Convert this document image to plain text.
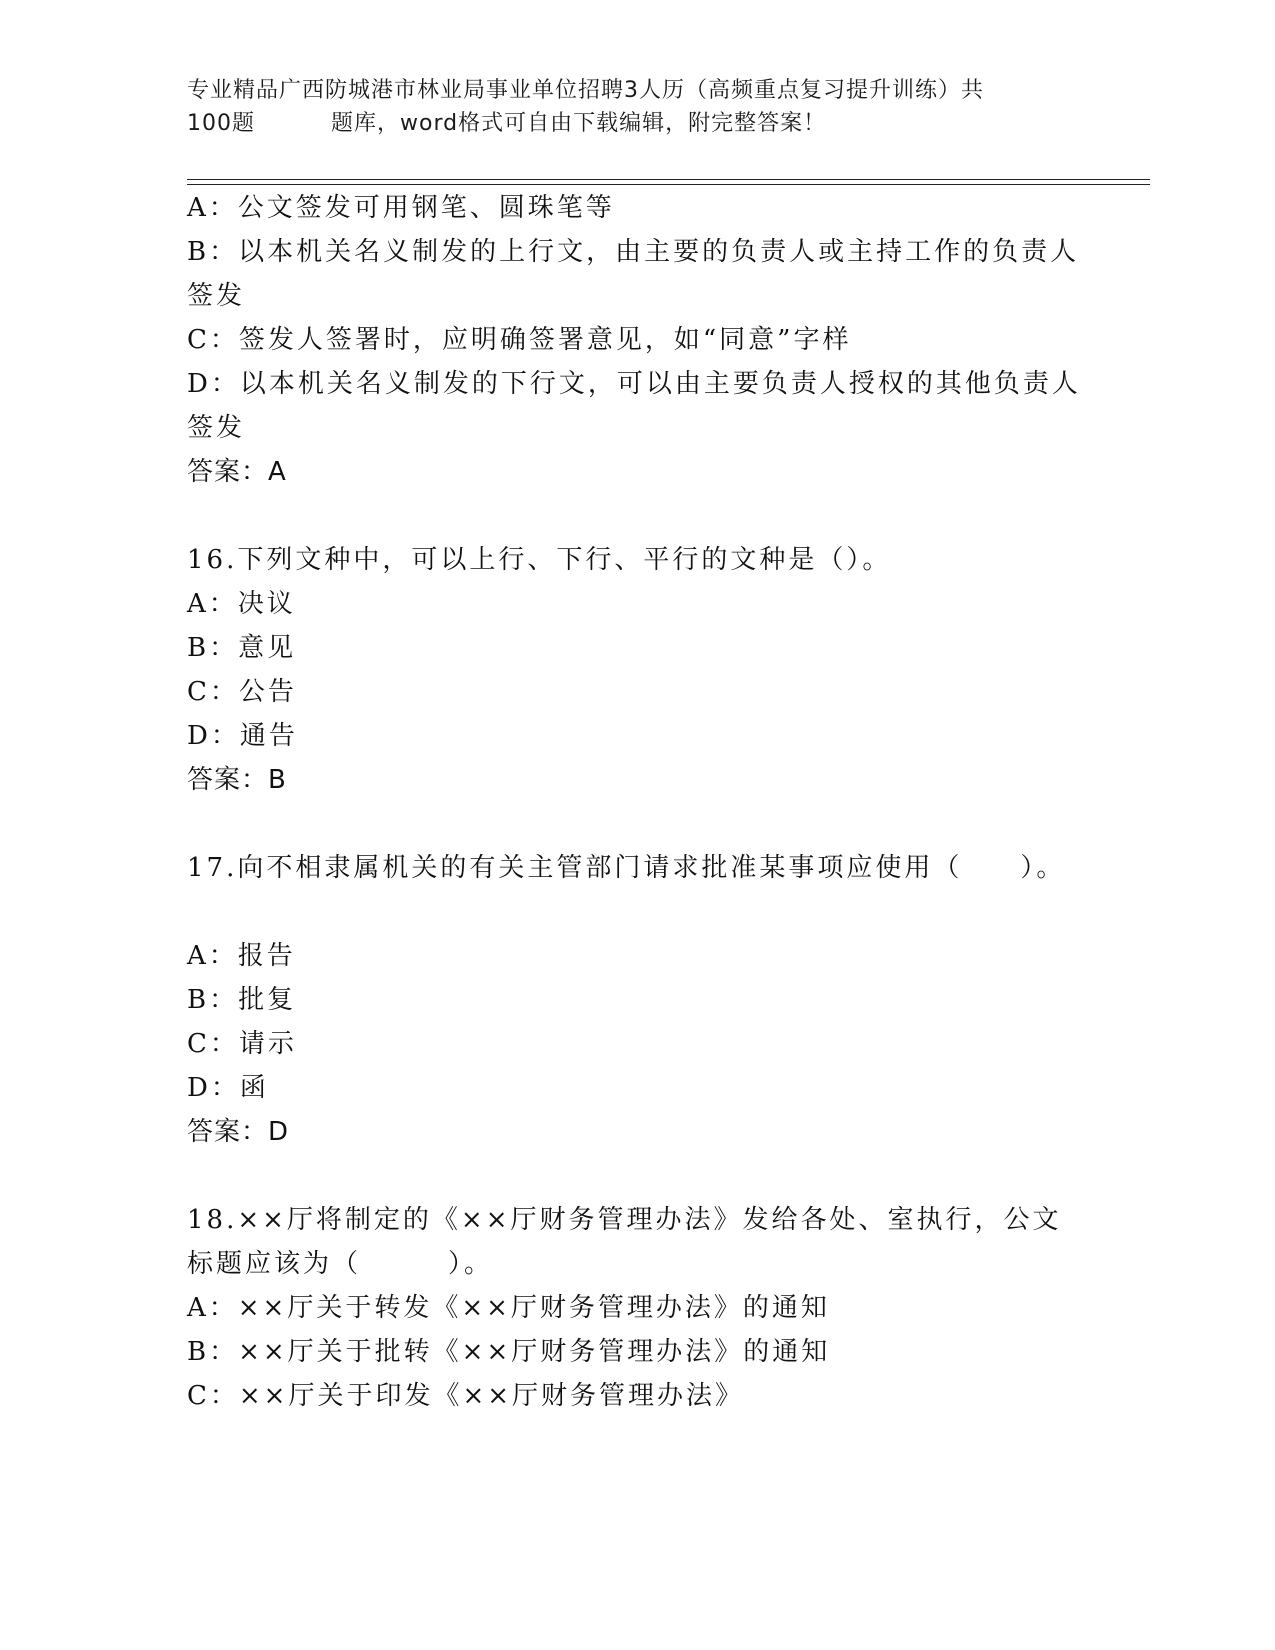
专业精品广西防城港市林业局事业单位招聘3人历（高频重点复习提升训练）共
100题	题库，word格式可自由下载编辑，附完整答案！
A：公文签发可用钢笔、圆珠笔等
B：以本机关名义制发的上行文，由主要的负责人或主持工作的负责人
签发
C：签发人签署时，应明确签署意见，如“同意”字样
D：以本机关名义制发的下行文，可以由主要负责人授权的其他负责人
签发
答案：A
16.下列文种中，可以上行、下行、平行的文种是（）。
A：决议
B：意见
C：公告
D：通告
答案：B
17.向不相隶属机关的有关主管部门请求批准某事项应使用（　　）。
A：报告
B：批复
C：请示
D：函
答案：D
18.××厅将制定的《××厅财务管理办法》发给各处、室执行，公文
标题应该为（　　　）。
A：××厅关于转发《××厅财务管理办法》的通知
B：××厅关于批转《××厅财务管理办法》的通知
C：××厅关于印发《××厅财务管理办法》
